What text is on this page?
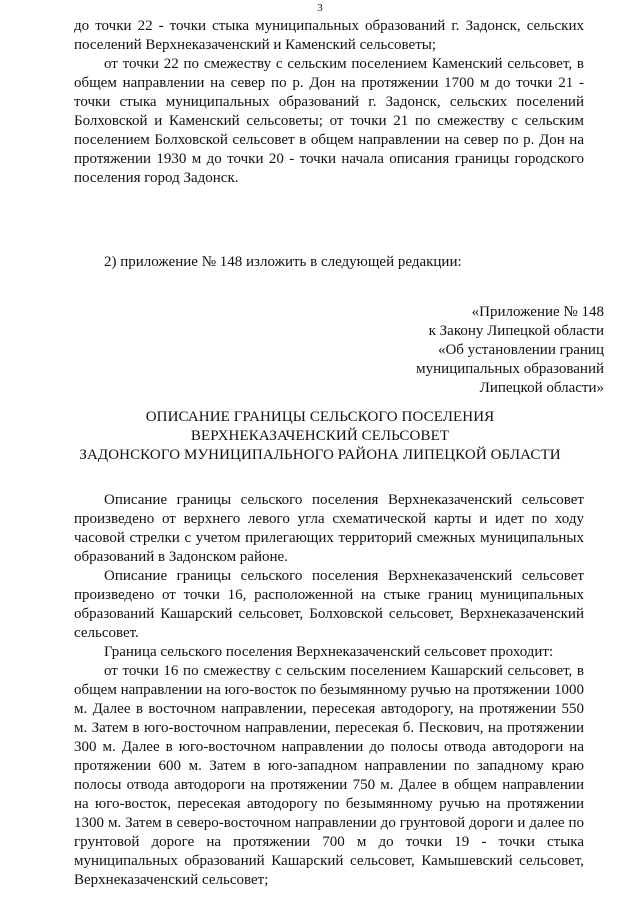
3

до точки 22 - точки стыка муниципальных образований г. Задонск, сельских поселений Верхнеказаченский и Каменский сельсоветы;

от точки 22 по смежеству с сельским поселением Каменский сельсовет, в общем направлении на север по р. Дон на протяжении 1700 м до точки 21 - точки стыка муниципальных образований г. Задонск, сельских поселений Болховской и Каменский сельсоветы; от точки 21 по смежеству с сельским поселением Болховской сельсовет в общем направлении на север по р. Дон на протяжении 1930 м до точки 20 - точки начала описания границы городского поселения город Задонск.

2) приложение № 148 изложить в следующей редакции:
«Приложение № 148
к Закону Липецкой области
«Об установлении границ
муниципальных образований
Липецкой области»
ОПИСАНИЕ ГРАНИЦЫ СЕЛЬСКОГО ПОСЕЛЕНИЯ
ВЕРХНЕКАЗАЧЕНСКИЙ СЕЛЬСОВЕТ
ЗАДОНСКОГО МУНИЦИПАЛЬНОГО РАЙОНА ЛИПЕЦКОЙ ОБЛАСТИ

Описание границы сельского поселения Верхнеказаченский сельсовет произведено от верхнего левого угла схематической карты и идет по ходу часовой стрелки с учетом прилегающих территорий смежных муниципальных образований в Задонском районе.

Описание границы сельского поселения Верхнеказаченский сельсовет произведено от точки 16, расположенной на стыке границ муниципальных образований Кашарский сельсовет, Болховской сельсовет, Верхнеказаченский сельсовет.

Граница сельского поселения Верхнеказаченский сельсовет проходит:

от точки 16 по смежеству с сельским поселением Кашарский сельсовет, в общем направлении на юго-восток по безымянному ручью на протяжении 1000 м. Далее в восточном направлении, пересекая автодорогу, на протяжении 550 м. Затем в юго-восточном направлении, пересекая б. Пескович, на протяжении 300 м. Далее в юго-восточном направлении до полосы отвода автодороги на протяжении 600 м. Затем в юго-западном направлении по западному краю полосы отвода автодороги на протяжении 750 м. Далее в общем направлении на юго-восток, пересекая автодорогу по безымянному ручью на протяжении 1300 м. Затем в северо-восточном направлении до грунтовой дороги и далее по грунтовой дороге на протяжении 700 м до точки 19 - точки стыка муниципальных образований Кашарский сельсовет, Камышевский сельсовет, Верхнеказаченский сельсовет;
